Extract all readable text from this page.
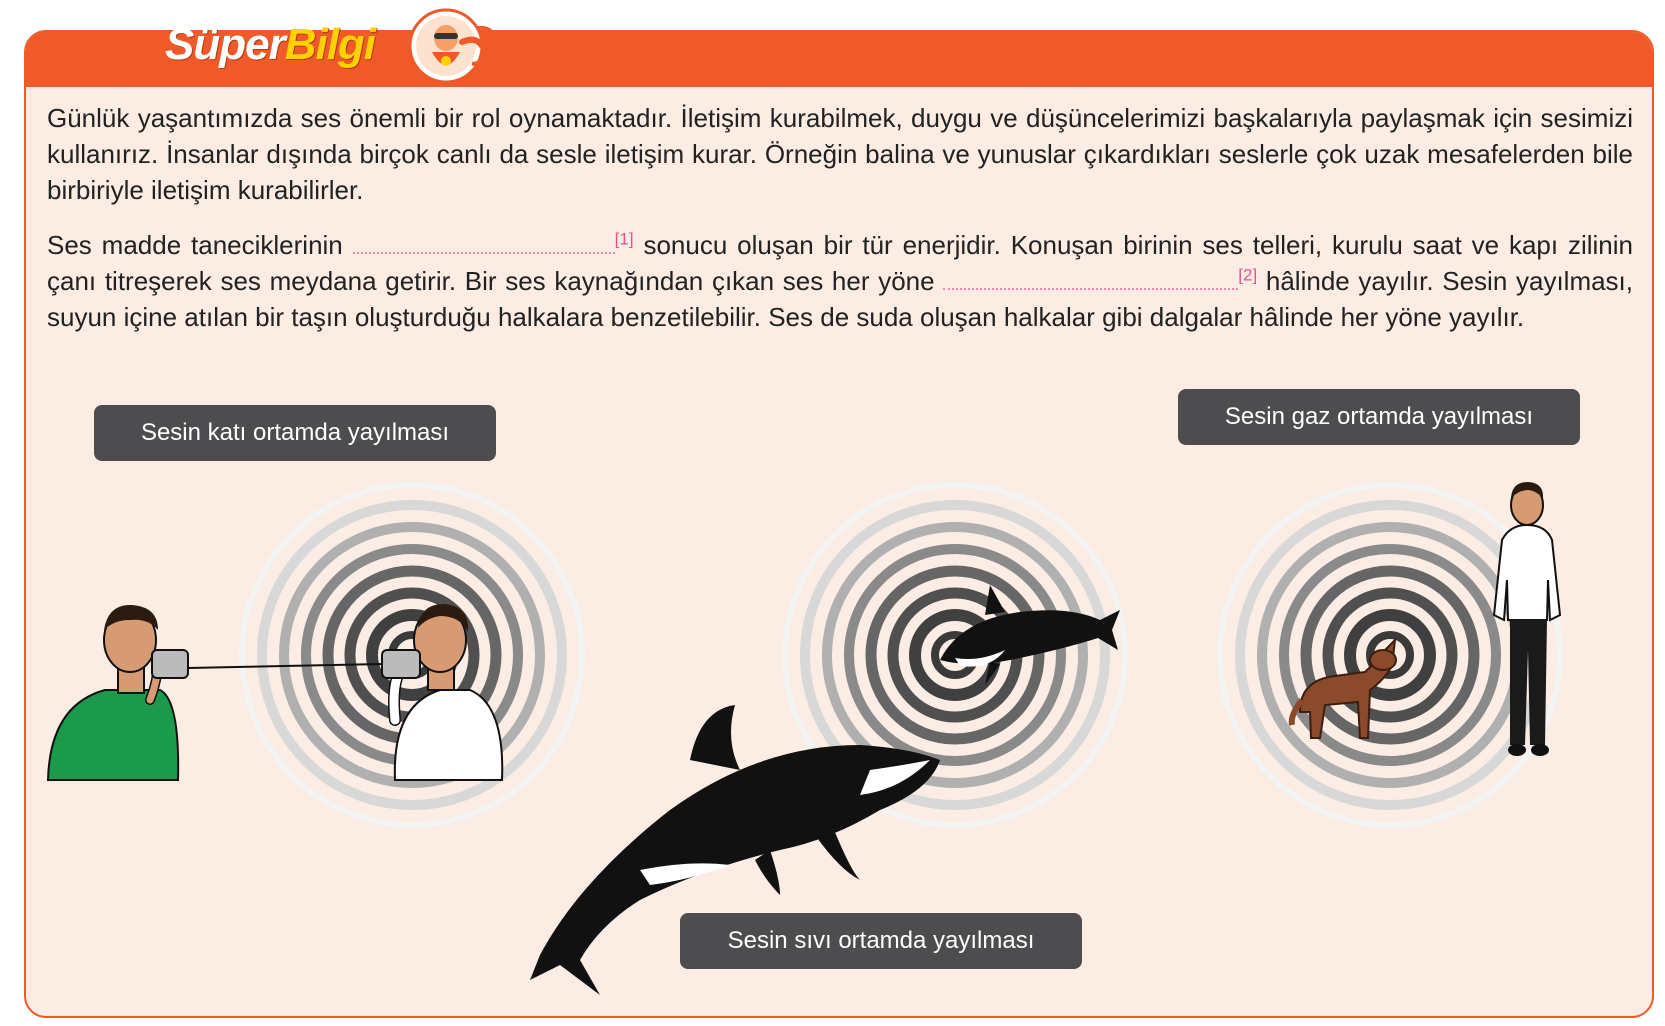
SüperBilgi
Günlük yaşantımızda ses önemli bir rol oynamaktadır. İletişim kurabilmek, duygu ve düşüncelerimizi başkalarıyla paylaşmak için sesimizi kullanırız. İnsanlar dışında birçok canlı da sesle iletişim kurar. Örneğin balina ve yunuslar çıkardıkları seslerle çok uzak mesafelerden bile birbiriyle iletişim kurabilirler.
Ses madde taneciklerinin	[1] sonucu oluşan bir tür enerjidir. Konuşan birinin ses telleri, kurulu saat ve kapı zilinin çanı titreşerek ses meydana getirir. Bir ses kaynağından çıkan ses her yöne	[2] hâlinde yayılır. Sesin yayılması, suyun içine atılan bir taşın oluşturduğu halkalara benzetilebilir. Ses de suda oluşan halkalar gibi dalgalar hâlinde her yöne yayılır.
Sesin katı ortamda yayılması
Sesin sıvı ortamda yayılması
Sesin gaz ortamda yayılması
